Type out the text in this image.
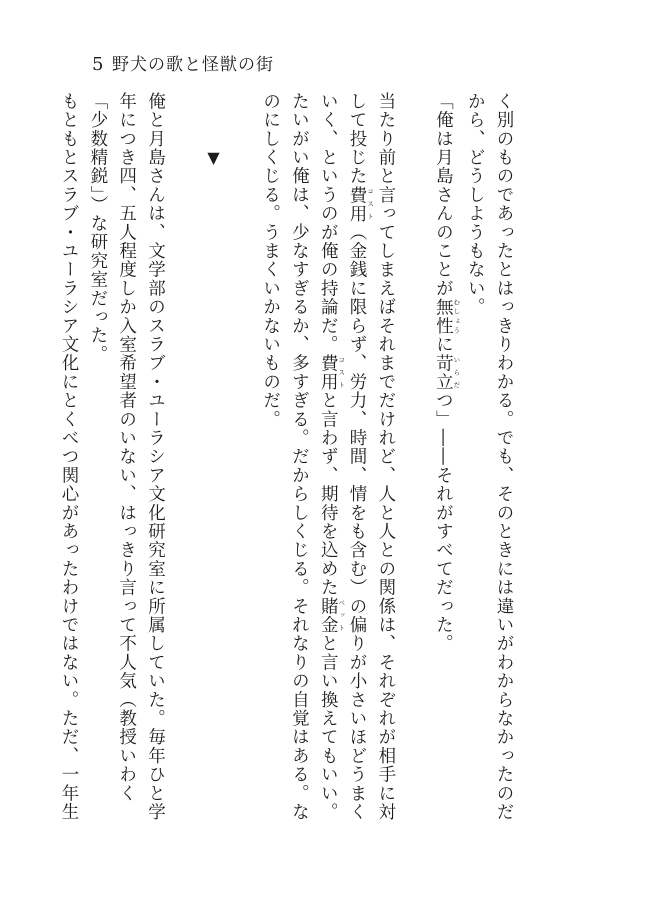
5 野犬の歌と怪獣の街

く別のものであったとはっきりわかる。でも、そのときには違いがわからなかったのだから、どうしようもない。

「俺は月島さんのことが無性 むしょうに苛立 いらだつ」――それがすべてだった。

当たり前と言ってしまえばそれまでだけれど、人と人との関係は、それぞれが相手に対して投じた費用 コスト（金銭に限らず、労力、時間、情をも含む）の偏りが小さいほどうまくいく、というのが俺の持論だ。費用 コストと言わず、期待を込めた賭金 ベットと言い換えてもいい。たいがい俺は、少なすぎるか、多すぎる。だからしくじる。それなりの自覚はある。なのにしくじる。うまくいかないものだ。

▼

俺と月島さんは、文学部のスラブ・ユーラシア文化研究室に所属していた。毎年ひと学年につき四、五人程度しか入室希望者のいない、はっきり言って不人気（教授いわく「少数精鋭」）な研究室だった。

もともとスラブ・ユーラシア文化にとくべつ関心があったわけではない。ただ、一年生
